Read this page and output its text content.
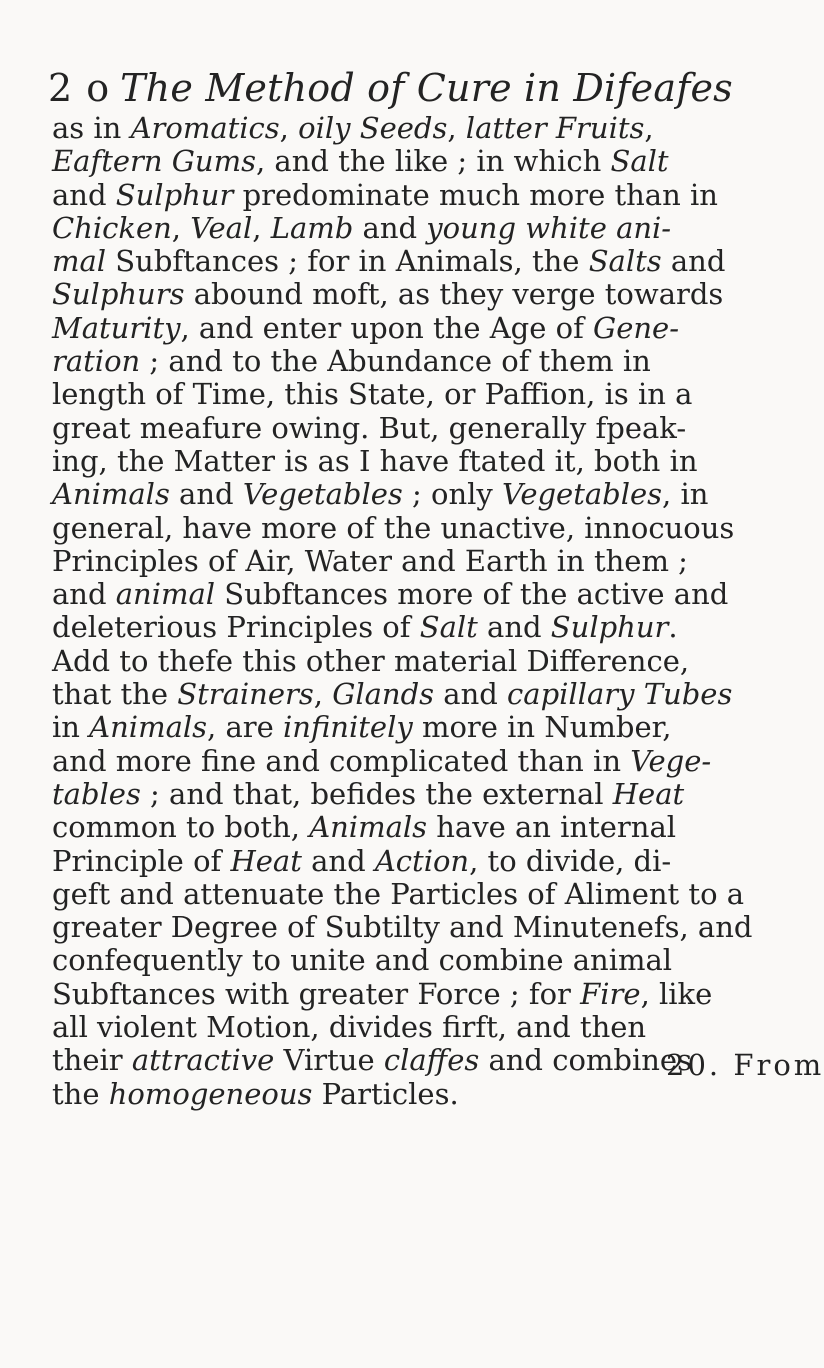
2 o The Method of Cure in Difeafes
as in Aromatics, oily Seeds, latter Fruits,
Eaftern Gums, and the like ; in which Salt
and Sulphur predominate much more than in
Chicken, Veal, Lamb and young white ani-
mal Subftances ; for in Animals, the Salts and
Sulphurs abound moft, as they verge towards
Maturity, and enter upon the Age of Gene-
ration ; and to the Abundance of them in
length of Time, this State, or Paffion, is in a
great meafure owing. But, generally fpeak-
ing, the Matter is as I have ftated it, both in
Animals and Vegetables ; only Vegetables, in
general, have more of the unactive, innocuous
Principles of Air, Water and Earth in them ;
and animal Subftances more of the active and
deleterious Principles of Salt and Sulphur.
Add to thefe this other material Difference,
that the Strainers, Glands and capillary Tubes
in Animals, are infinitely more in Number,
and more fine and complicated than in Vege-
tables ; and that, befides the external Heat
common to both, Animals have an internal
Principle of Heat and Action, to divide, di-
geft and attenuate the Particles of Aliment to a
greater Degree of Subtilty and Minutenefs, and
confequently to unite and combine animal
Subftances with greater Force ; for Fire, like
all violent Motion, divides firft, and then
their attractive Virtue claffes and combines
the homogeneous Particles.
20. From
